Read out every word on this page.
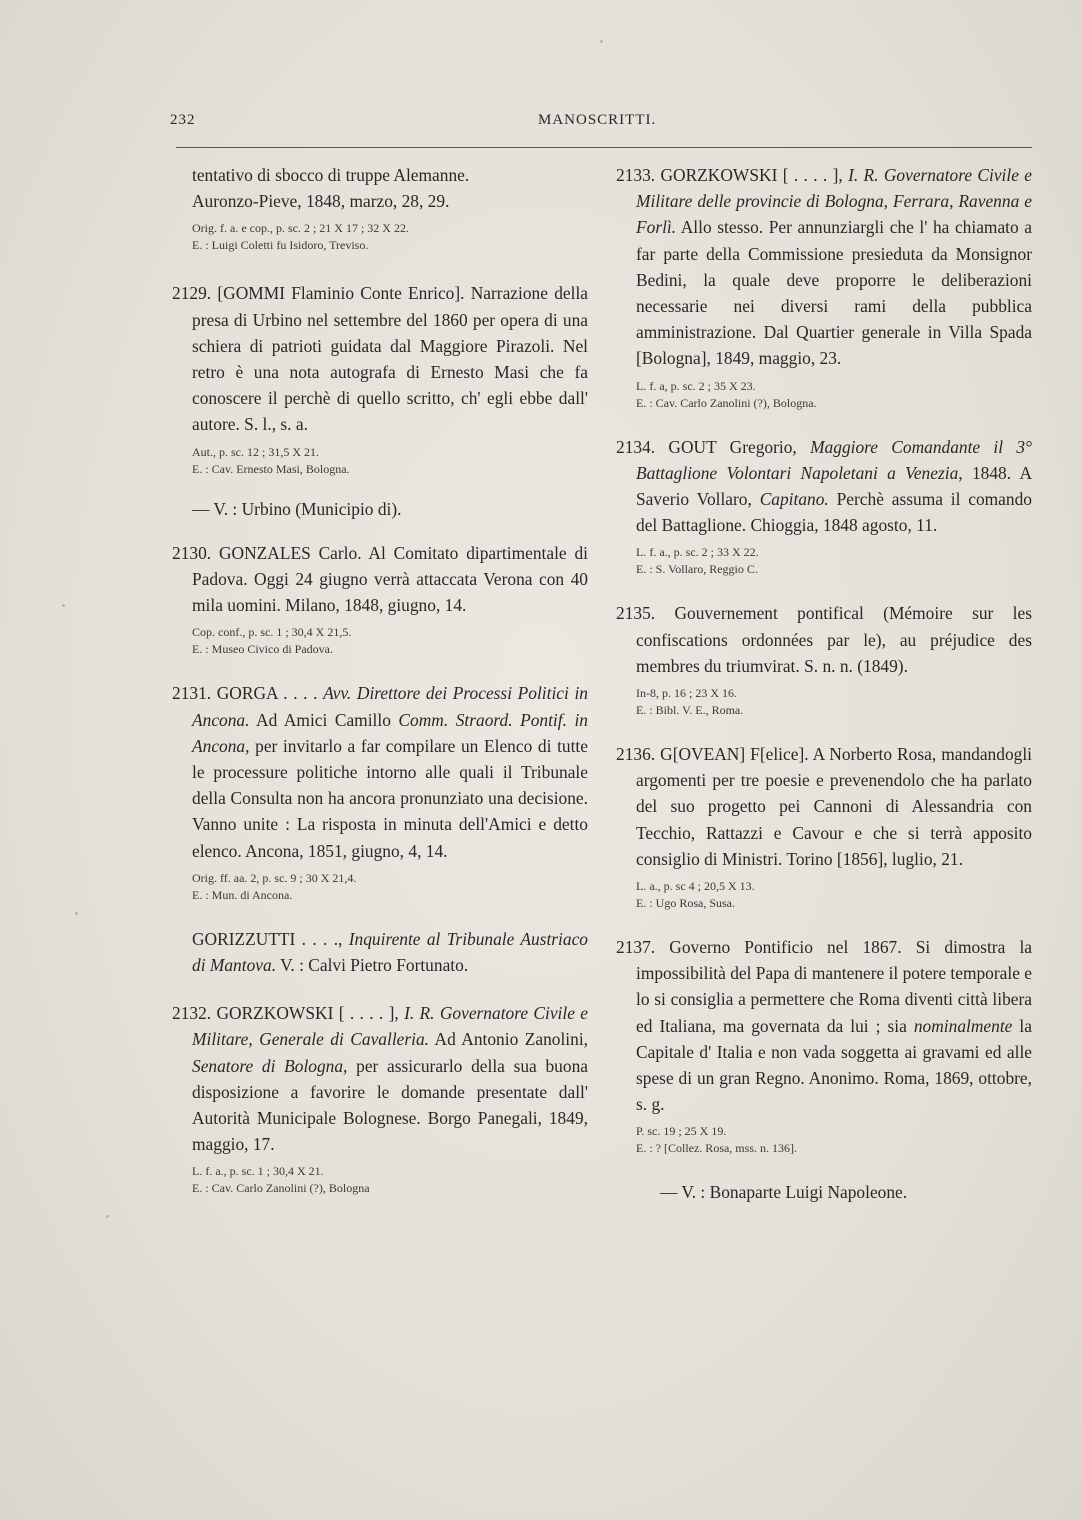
232	MANOSCRITTI.
tentativo di sbocco di truppe Alemanne.
Auronzo-Pieve, 1848, marzo, 28, 29.
Orig. f. a. e cop., p. sc. 2 ; 21 X 17 ; 32 X 22.
E. : Luigi Coletti fu Isidoro, Treviso.

2129. [GOMMI Flaminio Conte Enrico]. Narrazione della presa di Urbino nel settembre del 1860 per opera di una schiera di patrioti guidata dal Maggiore Pirazoli. Nel retro è una nota autografa di Ernesto Masi che fa conoscere il perchè di quello scritto, ch' egli ebbe dall' autore. S. l., s. a.

Aut., p. sc. 12 ; 31,5 X 21.
E. : Cav. Ernesto Masi, Bologna.
— V. : Urbino (Municipio di).

2130. GONZALES Carlo. Al Comitato dipartimentale di Padova. Oggi 24 giugno verrà attaccata Verona con 40 mila uomini. Milano, 1848, giugno, 14.

Cop. conf., p. sc. 1 ; 30,4 X 21,5.
E. : Museo Civico di Padova.

2131. GORGA . . . . Avv. Direttore dei Processi Politici in Ancona. Ad Amici Camillo Comm. Straord. Pontif. in Ancona, per invitarlo a far compilare un Elenco di tutte le processure politiche intorno alle quali il Tribunale della Consulta non ha ancora pronunziato una decisione. Vanno unite : La risposta in minuta dell'Amici e detto elenco. Ancona, 1851, giugno, 4, 14.

Orig. ff. aa. 2, p. sc. 9 ; 30 X 21,4.
E. : Mun. di Ancona.

GORIZZUTTI . . . ., Inquirente al Tribunale Austriaco di Mantova. V. : Calvi Pietro Fortunato.

2132. GORZKOWSKI [ . . . . ], I. R. Governatore Civile e Militare, Generale di Cavalleria. Ad Antonio Zanolini, Senatore di Bologna, per assicurarlo della sua buona disposizione a favorire le domande presentate dall' Autorità Municipale Bolognese. Borgo Panegali, 1849, maggio, 17.

L. f. a., p. sc. 1 ; 30,4 X 21.
E. : Cav. Carlo Zanolini (?), Bologna

2133. GORZKOWSKI [ . . . . ], I. R. Governatore Civile e Militare delle provincie di Bologna, Ferrara, Ravenna e Forlì. Allo stesso. Per annunziargli che l' ha chiamato a far parte della Commissione presieduta da Monsignor Bedini, la quale deve proporre le deliberazioni necessarie nei diversi rami della pubblica amministrazione. Dal Quartier generale in Villa Spada [Bologna], 1849, maggio, 23.

L. f. a, p. sc. 2 ; 35 X 23.
E. : Cav. Carlo Zanolini (?), Bologna.

2134. GOUT Gregorio, Maggiore Comandante il 3° Battaglione Volontari Napoletani a Venezia, 1848. A Saverio Vollaro, Capitano. Perchè assuma il comando del Battaglione. Chioggia, 1848 agosto, 11.

L. f. a., p. sc. 2 ; 33 X 22.
E. : S. Vollaro, Reggio C.

2135. Gouvernement pontifical (Mémoire sur les confiscations ordonnées par le), au préjudice des membres du triumvirat. S. n. n. (1849).

In-8, p. 16 ; 23 X 16.
E. : Bibl. V. E., Roma.

2136. G[OVEAN] F[elice]. A Norberto Rosa, mandandogli argomenti per tre poesie e prevenendolo che ha parlato del suo progetto pei Cannoni di Alessandria con Tecchio, Rattazzi e Cavour e che si terrà apposito consiglio di Ministri. Torino [1856], luglio, 21.

L. a., p. sc 4 ; 20,5 X 13.
E. : Ugo Rosa, Susa.

2137. Governo Pontificio nel 1867. Si dimostra la impossibilità del Papa di mantenere il potere temporale e lo si consiglia a permettere che Roma diventi città libera ed Italiana, ma governata da lui ; sia nominalmente la Capitale d' Italia e non vada soggetta ai gravami ed alle spese di un gran Regno. Anonimo. Roma, 1869, ottobre, s. g.

P. sc. 19 ; 25 X 19.
E. : ? [Collez. Rosa, mss. n. 136].
— V. : Bonaparte Luigi Napoleone.
